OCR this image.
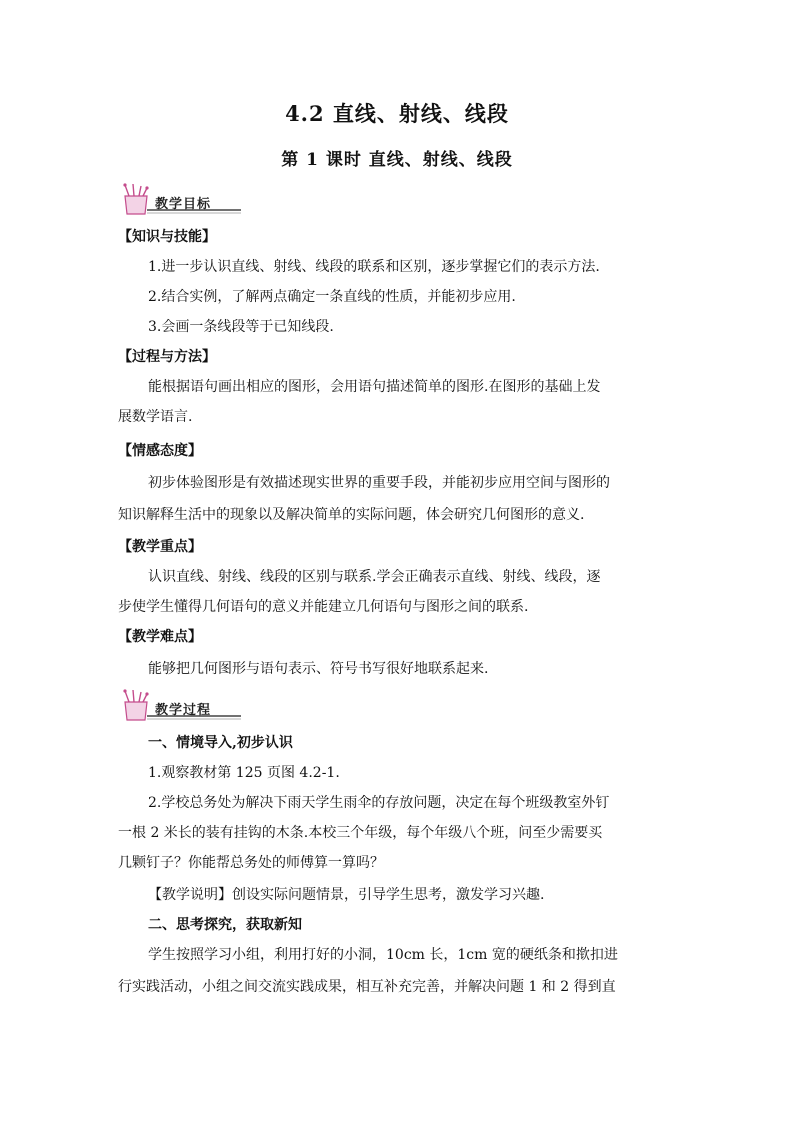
4.2 直线、射线、线段
第 1 课时 直线、射线、线段
教学目标
【知识与技能】
1.进一步认识直线、射线、线段的联系和区别，逐步掌握它们的表示方法.
2.结合实例，了解两点确定一条直线的性质，并能初步应用.
3.会画一条线段等于已知线段.
【过程与方法】
能根据语句画出相应的图形，会用语句描述简单的图形.在图形的基础上发
展数学语言.
【情感态度】
初步体验图形是有效描述现实世界的重要手段，并能初步应用空间与图形的
知识解释生活中的现象以及解决简单的实际问题，体会研究几何图形的意义.
【教学重点】
认识直线、射线、线段的区别与联系.学会正确表示直线、射线、线段，逐
步使学生懂得几何语句的意义并能建立几何语句与图形之间的联系.
【教学难点】
能够把几何图形与语句表示、符号书写很好地联系起来.
教学过程
一、情境导入,初步认识
1.观察教材第 125 页图 4.2-1.
2.学校总务处为解决下雨天学生雨伞的存放问题，决定在每个班级教室外钉
一根 2 米长的装有挂钩的木条.本校三个年级，每个年级八个班，问至少需要买
几颗钉子？你能帮总务处的师傅算一算吗？
【教学说明】创设实际问题情景，引导学生思考，激发学习兴趣.
二、思考探究，获取新知
学生按照学习小组，利用打好的小洞，10cm 长，1cm 宽的硬纸条和揿扣进
行实践活动，小组之间交流实践成果，相互补充完善，并解决问题 1 和 2 得到直
